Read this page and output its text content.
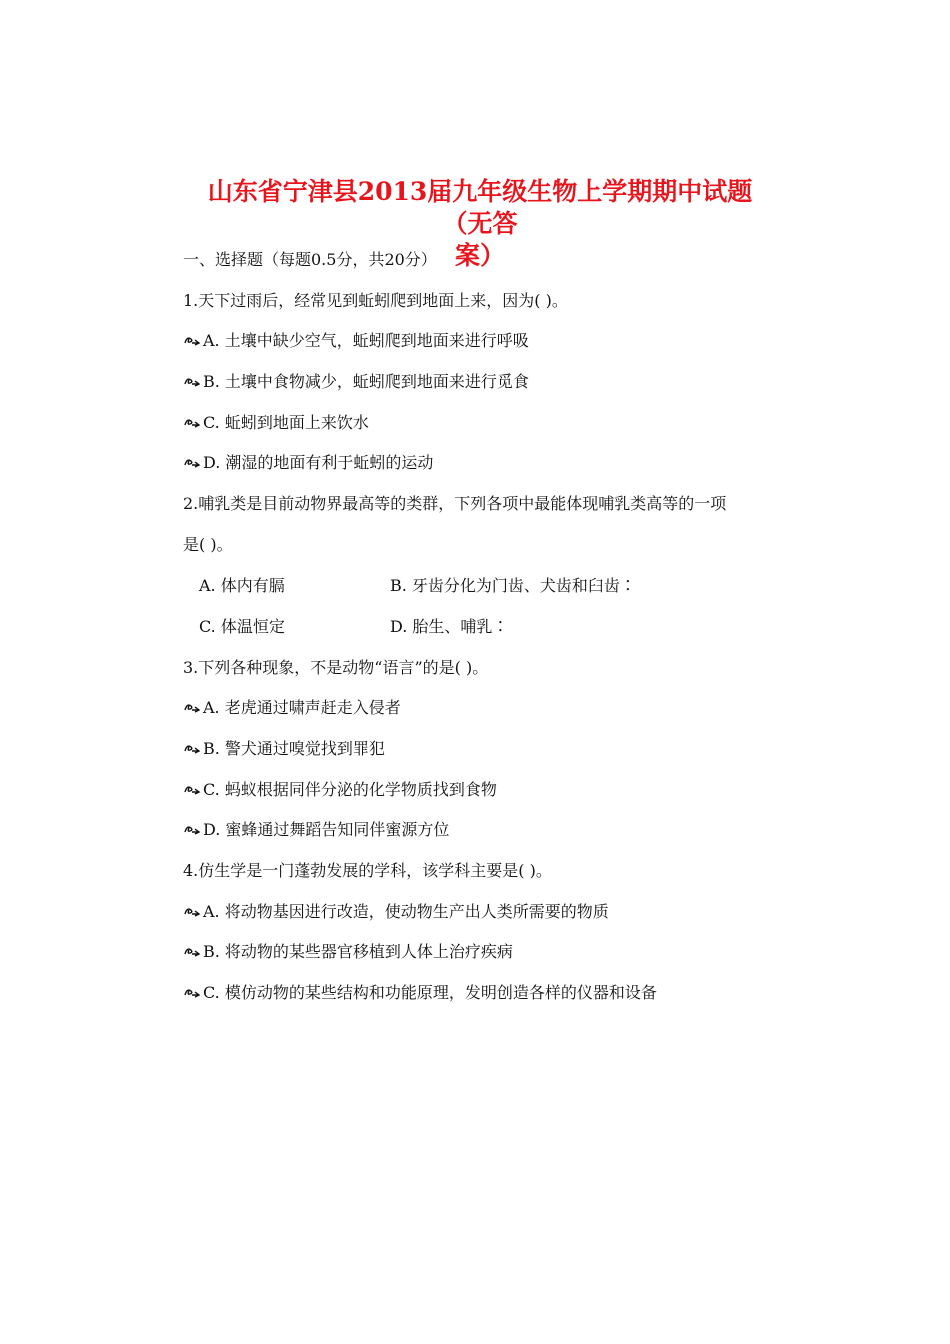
山东省宁津县2013届九年级生物上学期期中试题（无答
案）
一、选择题（每题0.5分，共20分）
1.天下过雨后，经常见到蚯蚓爬到地面上来，因为( )。
A. 土壤中缺少空气，蚯蚓爬到地面来进行呼吸
B. 土壤中食物减少，蚯蚓爬到地面来进行觅食
C. 蚯蚓到地面上来饮水
D. 潮湿的地面有利于蚯蚓的运动
2.哺乳类是目前动物界最高等的类群，下列各项中最能体现哺乳类高等的一项
是( )。
A. 体内有膈	B. 牙齿分化为门齿、犬齿和臼齿∶
C. 体温恒定	D. 胎生、哺乳∶
3.下列各种现象，不是动物“语言”的是( )。
A. 老虎通过啸声赶走入侵者
B. 警犬通过嗅觉找到罪犯
C. 蚂蚁根据同伴分泌的化学物质找到食物
D. 蜜蜂通过舞蹈告知同伴蜜源方位
4.仿生学是一门蓬勃发展的学科，该学科主要是( )。
A. 将动物基因进行改造，使动物生产出人类所需要的物质
B. 将动物的某些器官移植到人体上治疗疾病
C. 模仿动物的某些结构和功能原理，发明创造各样的仪器和设备
